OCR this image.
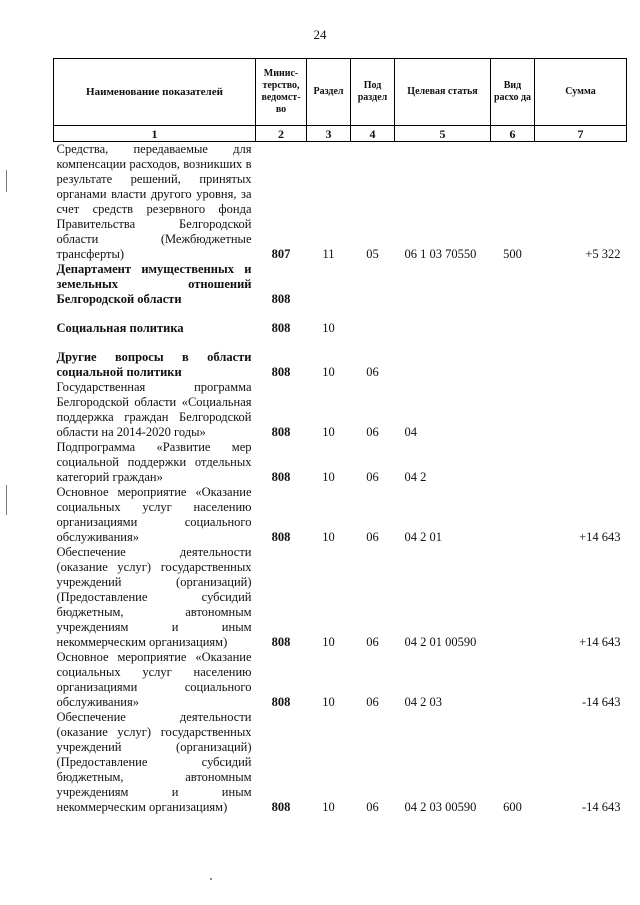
24
Наименование показателей	Минис-терство, ведомст-во	Раздел	Под раздел	Целевая статья	Вид расхо да	Сумма
1	2	3	4	5	6	7
Средства, передаваемые для компенсации расходов, возникших в результате решений, принятых органами власти другого уровня, за счет средств резервного фонда Правительства Белгородской области (Межбюджетные трансферты)	807	11	05	06 1 03 70550	500	+5 322
Департамент имущественных и земельных отношений Белгородской области	808					
Социальная политика	808	10				
Другие вопросы в области социальной политики	808	10	06			
Государственная программа Белгородской области «Социальная поддержка граждан Белгородской области на 2014-2020 годы»	808	10	06	04		
Подпрограмма «Развитие мер социальной поддержки отдельных категорий граждан»	808	10	06	04 2		
Основное мероприятие «Оказание социальных услуг населению организациями социального обслуживания»	808	10	06	04 2 01		+14 643
Обеспечение деятельности (оказание услуг) государственных учреждений (организаций) (Предоставление субсидий бюджетным, автономным учреждениям и иным некоммерческим организациям)	808	10	06	04 2 01 00590		+14 643
Основное мероприятие «Оказание социальных услуг населению организациями социального обслуживания»	808	10	06	04 2 03		-14 643
Обеспечение деятельности (оказание услуг) государственных учреждений (организаций) (Предоставление субсидий бюджетным, автономным учреждениям и иным некоммерческим организациям)	808	10	06	04 2 03 00590	600	-14 643
